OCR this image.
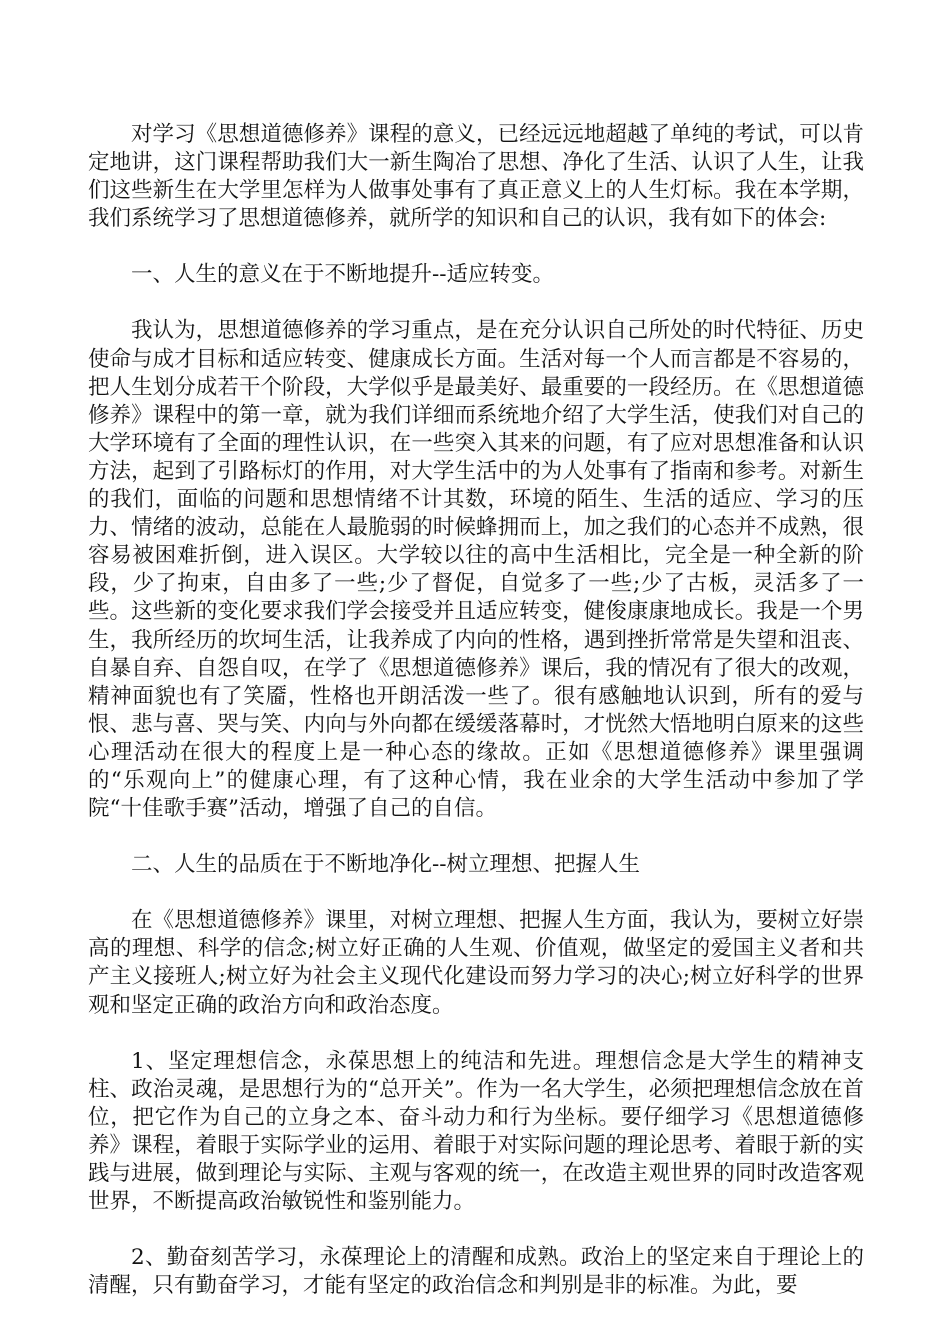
对学习《思想道德修养》课程的意义，已经远远地超越了单纯的考试，可以肯定地讲，这门课程帮助我们大一新生陶冶了思想、净化了生活、认识了人生，让我们这些新生在大学里怎样为人做事处事有了真正意义上的人生灯标。我在本学期，我们系统学习了思想道德修养，就所学的知识和自己的认识，我有如下的体会:

一、人生的意义在于不断地提升--适应转变。

我认为，思想道德修养的学习重点，是在充分认识自己所处的时代特征、历史使命与成才目标和适应转变、健康成长方面。生活对每一个人而言都是不容易的，把人生划分成若干个阶段，大学似乎是最美好、最重要的一段经历。在《思想道德修养》课程中的第一章，就为我们详细而系统地介绍了大学生活，使我们对自己的大学环境有了全面的理性认识，在一些突入其来的问题，有了应对思想准备和认识方法，起到了引路标灯的作用，对大学生活中的为人处事有了指南和参考。对新生的我们，面临的问题和思想情绪不计其数，环境的陌生、生活的适应、学习的压力、情绪的波动，总能在人最脆弱的时候蜂拥而上，加之我们的心态并不成熟，很容易被困难折倒，进入误区。大学较以往的高中生活相比，完全是一种全新的阶段，少了拘束，自由多了一些;少了督促，自觉多了一些;少了古板，灵活多了一些。这些新的变化要求我们学会接受并且适应转变，健俊康康地成长。我是一个男生，我所经历的坎坷生活，让我养成了内向的性格，遇到挫折常常是失望和沮丧、自暴自弃、自怨自叹，在学了《思想道德修养》课后，我的情况有了很大的改观，精神面貌也有了笑靥，性格也开朗活泼一些了。很有感触地认识到，所有的爱与恨、悲与喜、哭与笑、内向与外向都在缓缓落幕时，才恍然大悟地明白原来的这些心理活动在很大的程度上是一种心态的缘故。正如《思想道德修养》课里强调的“乐观向上”的健康心理，有了这种心情，我在业余的大学生活动中参加了学院“十佳歌手赛”活动，增强了自己的自信。

二、人生的品质在于不断地净化--树立理想、把握人生

在《思想道德修养》课里，对树立理想、把握人生方面，我认为，要树立好崇高的理想、科学的信念;树立好正确的人生观、价值观，做坚定的爱国主义者和共产主义接班人;树立好为社会主义现代化建设而努力学习的决心;树立好科学的世界观和坚定正确的政治方向和政治态度。

1、坚定理想信念，永葆思想上的纯洁和先进。理想信念是大学生的精神支柱、政治灵魂，是思想行为的“总开关”。作为一名大学生，必须把理想信念放在首位，把它作为自己的立身之本、奋斗动力和行为坐标。要仔细学习《思想道德修养》课程，着眼于实际学业的运用、着眼于对实际问题的理论思考、着眼于新的实践与进展，做到理论与实际、主观与客观的统一，在改造主观世界的同时改造客观世界，不断提高政治敏锐性和鉴别能力。

2、勤奋刻苦学习，永葆理论上的清醒和成熟。政治上的坚定来自于理论上的清醒，只有勤奋学习，才能有坚定的政治信念和判别是非的标准。为此，要
